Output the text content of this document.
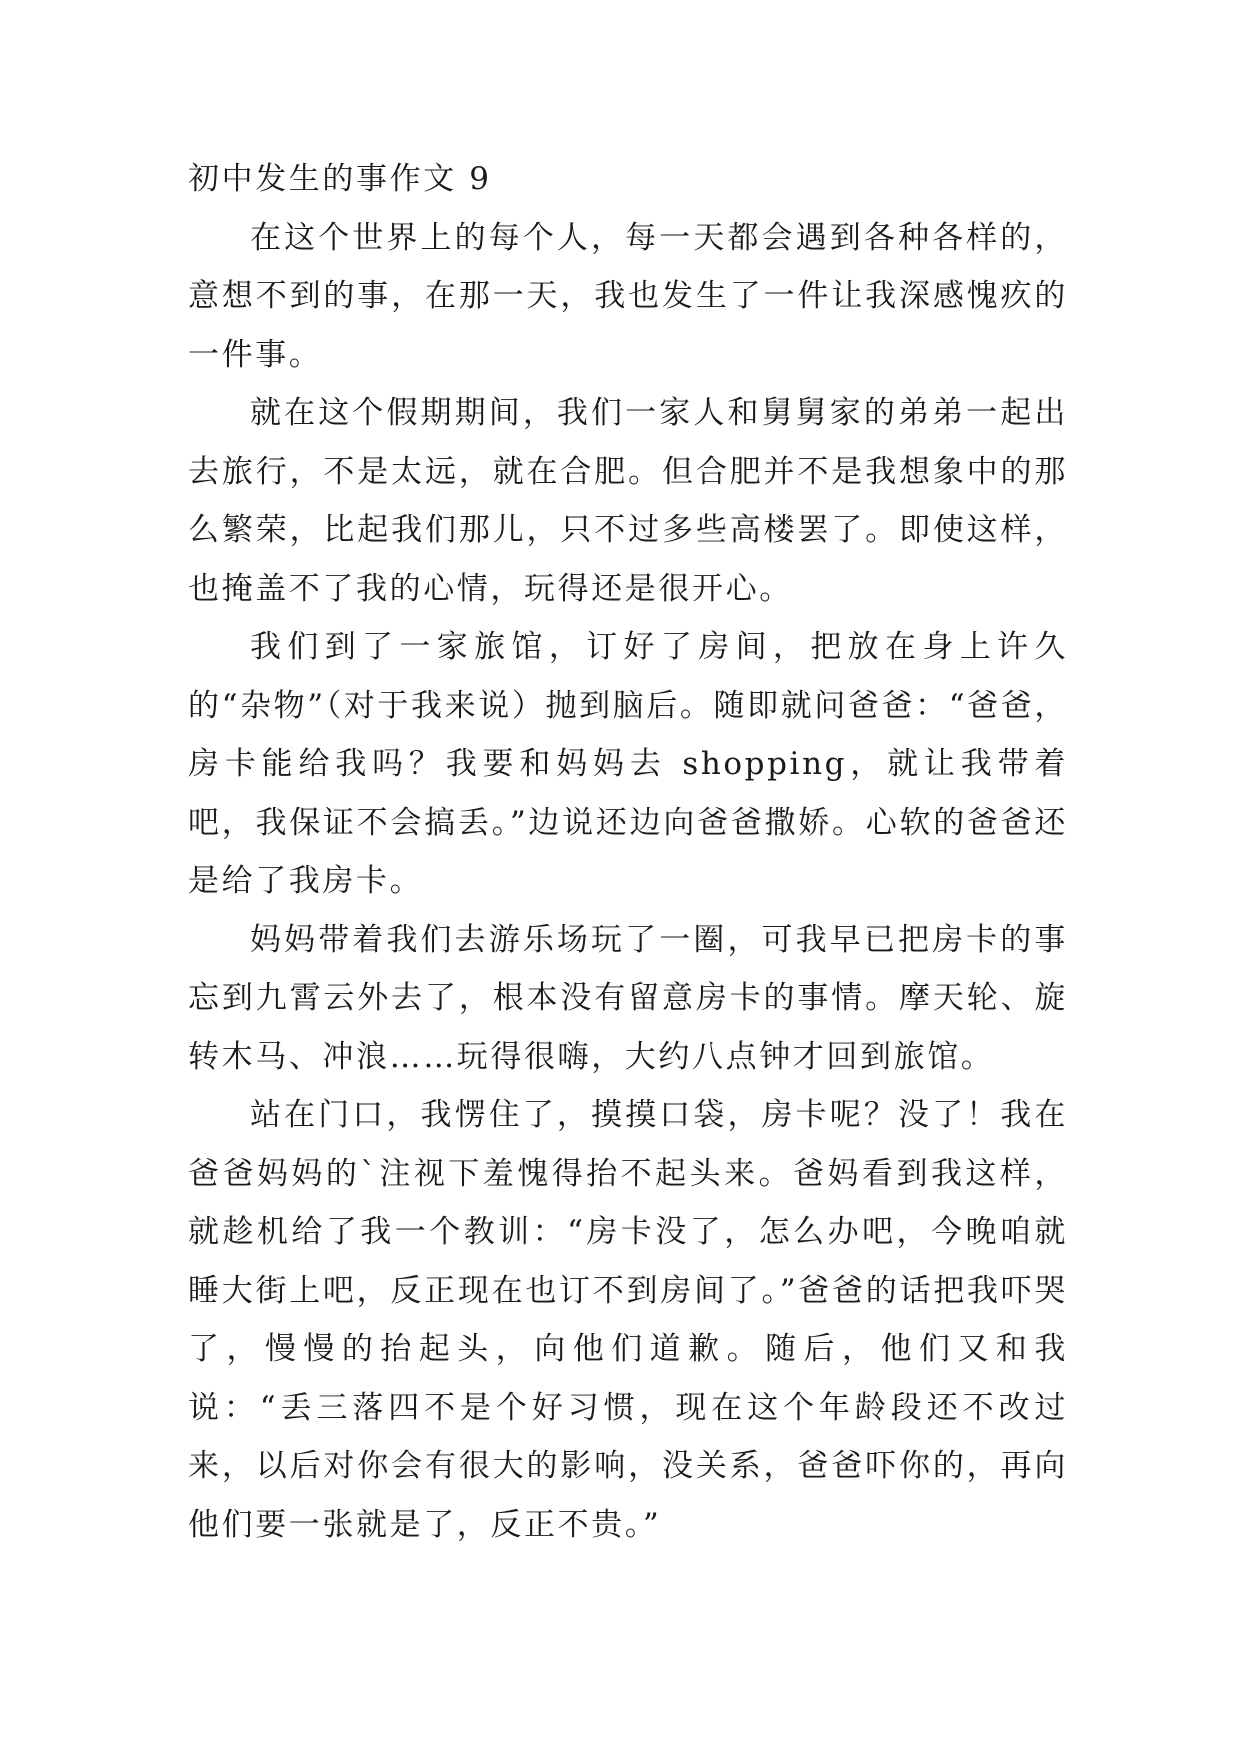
初中发生的事作文 9

在这个世界上的每个人，每一天都会遇到各种各样的，意想不到的事，在那一天，我也发生了一件让我深感愧疚的一件事。

就在这个假期期间，我们一家人和舅舅家的弟弟一起出去旅行，不是太远，就在合肥。但合肥并不是我想象中的那么繁荣，比起我们那儿，只不过多些高楼罢了。即使这样，也掩盖不了我的心情，玩得还是很开心。

我们到了一家旅馆，订好了房间，把放在身上许久的“杂物”（对于我来说）抛到脑后。随即就问爸爸：“爸爸，房卡能给我吗？我要和妈妈去 shopping，就让我带着吧，我保证不会搞丢。”边说还边向爸爸撒娇。心软的爸爸还是给了我房卡。

妈妈带着我们去游乐场玩了一圈，可我早已把房卡的事忘到九霄云外去了，根本没有留意房卡的事情。摩天轮、旋转木马、冲浪……玩得很嗨，大约八点钟才回到旅馆。

站在门口，我愣住了，摸摸口袋，房卡呢？没了！我在爸爸妈妈的`注视下羞愧得抬不起头来。爸妈看到我这样，就趁机给了我一个教训：“房卡没了，怎么办吧，今晚咱就睡大街上吧，反正现在也订不到房间了。”爸爸的话把我吓哭了，慢慢的抬起头，向他们道歉。随后，他们又和我说：“丢三落四不是个好习惯，现在这个年龄段还不改过来，以后对你会有很大的影响，没关系，爸爸吓你的，再向他们要一张就是了，反正不贵。”
